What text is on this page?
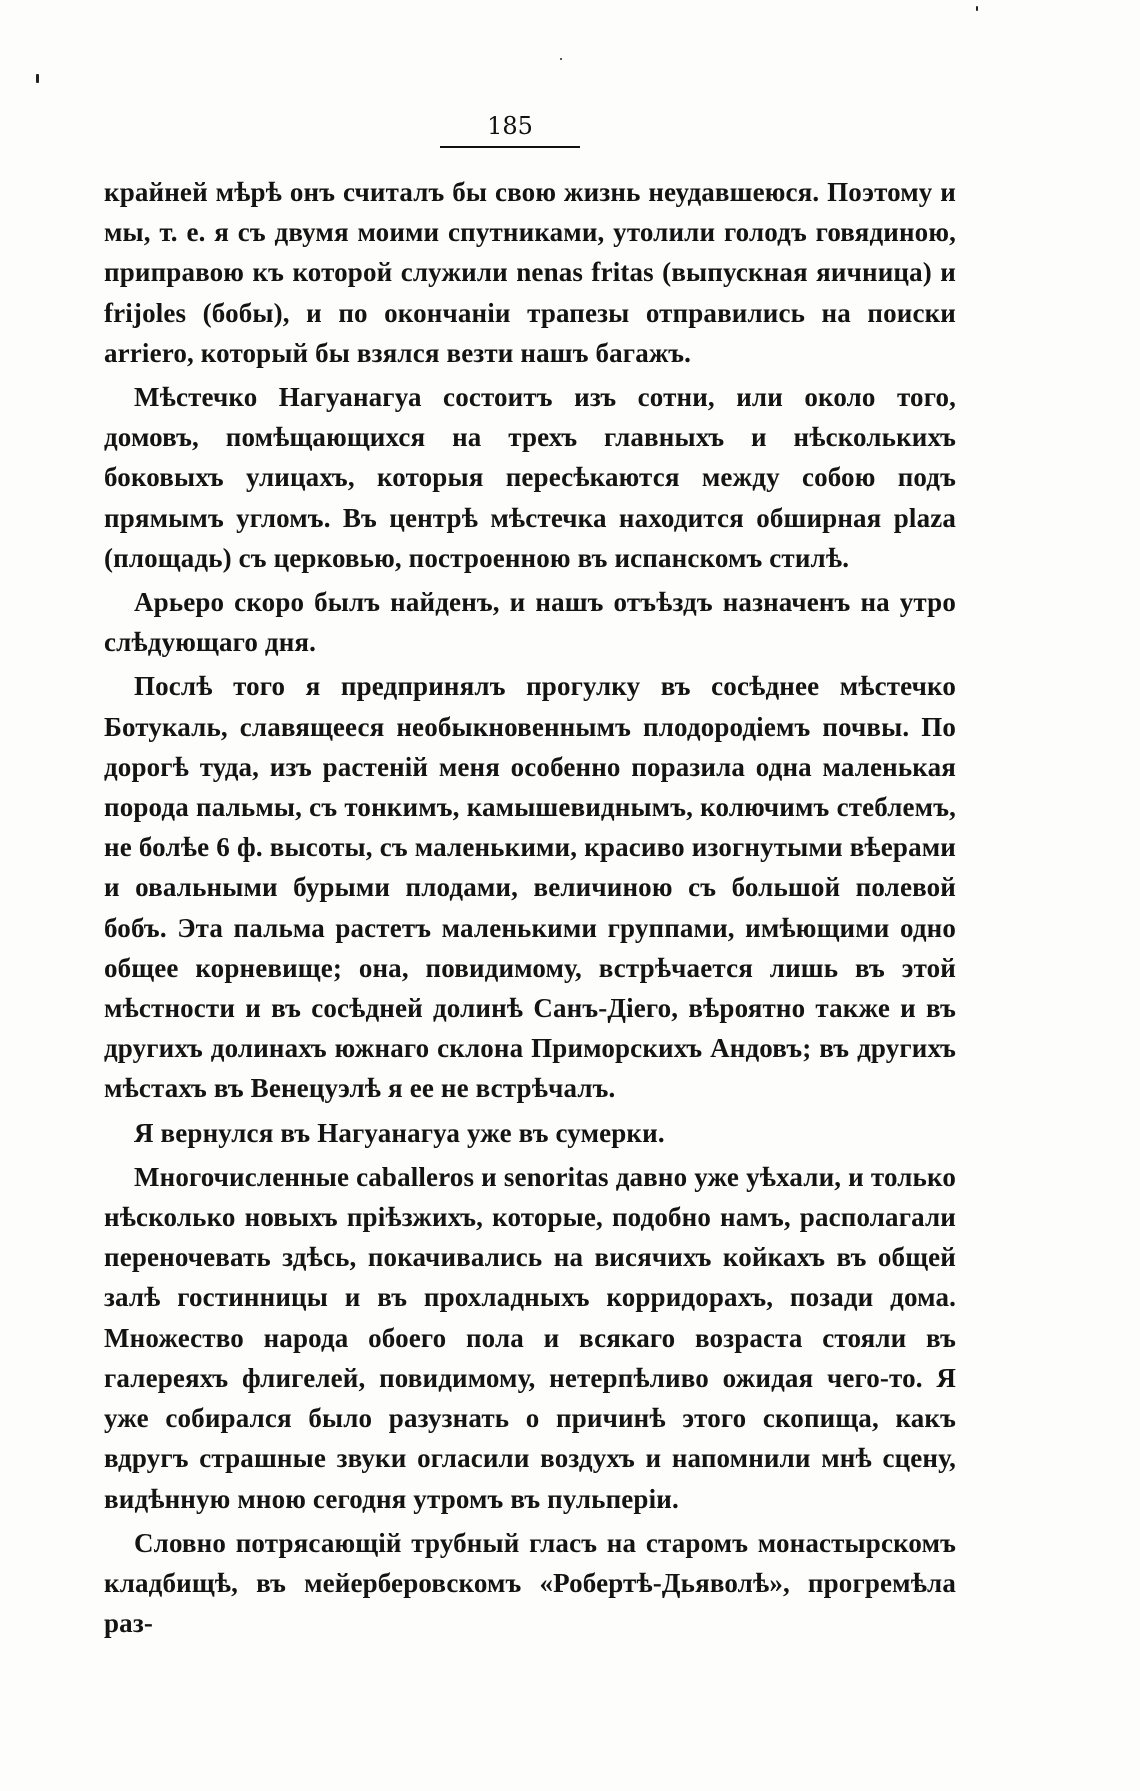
185

крайней мѣрѣ онъ считалъ бы свою жизнь неудавшеюся. Поэтому и мы, т. е. я съ двумя моими спутниками, утолили голодъ говядиною, приправою къ которой служили nenas fritas (выпускная яичница) и frijoles (бобы), и по окончаніи трапезы отправились на поиски arriero, который бы взялся везти нашъ багажъ.

Мѣстечко Нагуанагуа состоитъ изъ сотни, или около того, домовъ, помѣщающихся на трехъ главныхъ и нѣсколькихъ боковыхъ улицахъ, которыя пересѣкаются между собою подъ прямымъ угломъ. Въ центрѣ мѣстечка находится обширная plaza (площадь) съ церковью, построенною въ испанскомъ стилѣ.

Арьеро скоро былъ найденъ, и нашъ отъѣздъ назначенъ на утро слѣдующаго дня.

Послѣ того я предпринялъ прогулку въ сосѣднее мѣстечко Ботукаль, славящееся необыкновеннымъ плодородіемъ почвы. По дорогѣ туда, изъ растеній меня особенно поразила одна маленькая порода пальмы, съ тонкимъ, камышевиднымъ, колючимъ стеблемъ, не болѣе 6 ф. высоты, съ маленькими, красиво изогнутыми вѣерами и овальными бурыми плодами, величиною съ большой полевой бобъ. Эта пальма растетъ маленькими группами, имѣющими одно общее корневище; она, повидимому, встрѣчается лишь въ этой мѣстности и въ сосѣдней долинѣ Санъ-Діего, вѣроятно также и въ другихъ долинахъ южнаго склона Приморскихъ Андовъ; въ другихъ мѣстахъ въ Венецуэлѣ я ее не встрѣчалъ.

Я вернулся въ Нагуанагуа уже въ сумерки.

Многочисленные caballeros и senoritas давно уже уѣхали, и только нѣсколько новыхъ пріѣзжихъ, которые, подобно намъ, располагали переночевать здѣсь, покачивались на висячихъ койкахъ въ общей залѣ гостинницы и въ прохладныхъ корридорахъ, позади дома. Множество народа обоего пола и всякаго возраста стояли въ галереяхъ флигелей, повидимому, нетерпѣливо ожидая чего-то. Я уже собирался было разузнать о причинѣ этого скопища, какъ вдругъ страшные звуки огласили воздухъ и напомнили мнѣ сцену, видѣнную мною сегодня утромъ въ пульперіи.

Словно потрясающій трубный гласъ на старомъ монастырскомъ кладбищѣ, въ мейерберовскомъ «Робертѣ-Дьяволѣ», прогремѣла раз-
